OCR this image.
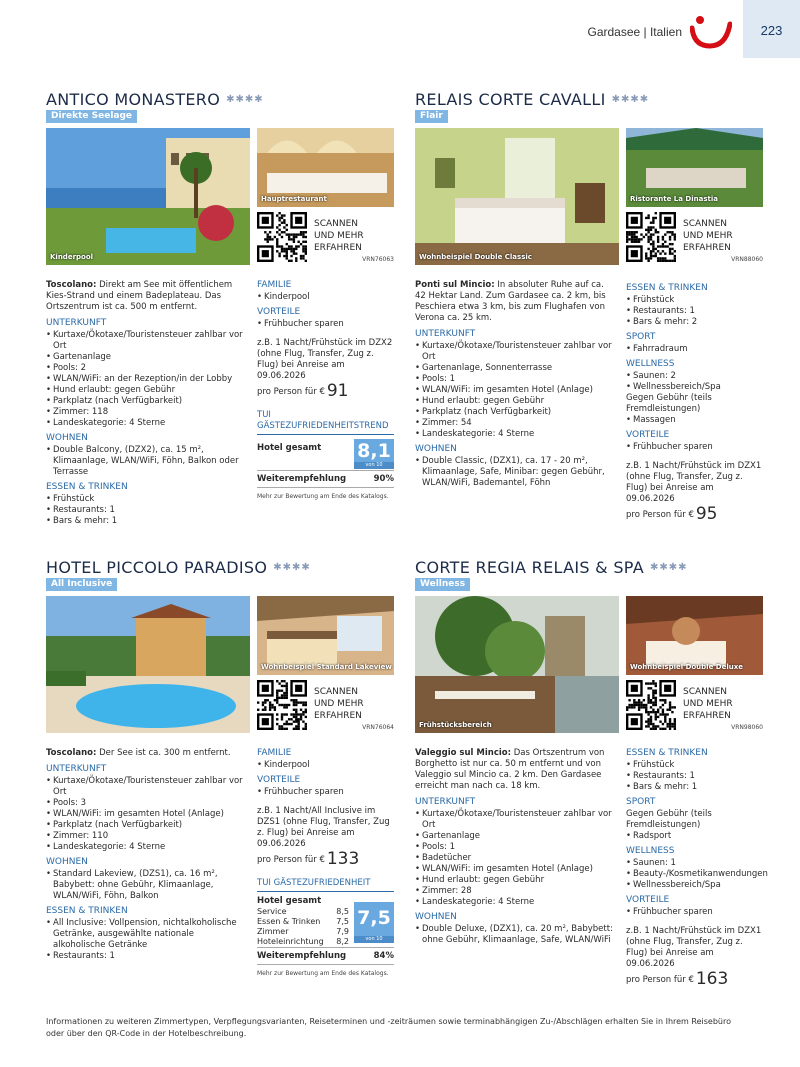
Gardasee | Italien	223
ANTICO MONASTERO ✱✱✱✱
Direkte Seelage
Kinderpool
Hauptrestaurant
SCANNEN
UND MEHR
ERFAHREN
VRN76063
Toscolano: Direkt am See mit öffentlichem Kies-Strand und einem Badeplateau. Das Ortszentrum ist ca. 500 m entfernt.
UNTERKUNFT
• Kurtaxe/Ökotaxe/Touristensteuer zahlbar vor Ort
• Gartenanlage
• Pools: 2
• WLAN/WiFi: an der Rezeption/in der Lobby
• Hund erlaubt: gegen Gebühr
• Parkplatz (nach Verfügbarkeit)
• Zimmer: 118
• Landeskategorie: 4 Sterne
WOHNEN
• Double Balcony, (DZX2), ca. 15 m², Klimaanlage, WLAN/WiFi, Föhn, Balkon oder Terrasse
ESSEN & TRINKEN
• Frühstück
• Restaurants: 1
• Bars & mehr: 1
FAMILIE
• Kinderpool
VORTEILE
• Frühbucher sparen
z.B. 1 Nacht/Frühstück im DZX2 (ohne Flug, Transfer, Zug z. Flug) bei Anreise am 09.06.2026
pro Person für € 91
TUI GÄSTEZUFRIEDENHEITSTREND
Hotel gesamt 8,1
von 10
Weiterempfehlung	90%
Mehr zur Bewertung am Ende des Katalogs.
RELAIS CORTE CAVALLI ✱✱✱✱
Flair
Wohnbeispiel Double Classic
Ristorante La Dinastia
SCANNEN
UND MEHR
ERFAHREN
VRN88060
Ponti sul Mincio: In absoluter Ruhe auf ca. 42 Hektar Land. Zum Gardasee ca. 2 km, bis Peschiera etwa 3 km, bis zum Flughafen von Verona ca. 25 km.
UNTERKUNFT
• Kurtaxe/Ökotaxe/Touristensteuer zahlbar vor Ort
• Gartenanlage, Sonnenterrasse
• Pools: 1
• WLAN/WiFi: im gesamten Hotel (Anlage)
• Hund erlaubt: gegen Gebühr
• Parkplatz (nach Verfügbarkeit)
• Zimmer: 54
• Landeskategorie: 4 Sterne
WOHNEN
• Double Classic, (DZX1), ca. 17 - 20 m², Klimaanlage, Safe, Minibar: gegen Gebühr, WLAN/WiFi, Bademantel, Föhn
ESSEN & TRINKEN
• Frühstück
• Restaurants: 1
• Bars & mehr: 2
SPORT
• Fahrradraum
WELLNESS
• Saunen: 2
• Wellnessbereich/Spa
Gegen Gebühr (teils Fremdleistungen)
• Massagen
VORTEILE
• Frühbucher sparen
z.B. 1 Nacht/Frühstück im DZX1 (ohne Flug, Transfer, Zug z. Flug) bei Anreise am 09.06.2026
pro Person für € 95
HOTEL PICCOLO PARADISO ✱✱✱✱
All Inclusive
Wohnbeispiel Standard Lakeview
SCANNEN
UND MEHR
ERFAHREN
VRN76064
Toscolano: Der See ist ca. 300 m entfernt.
UNTERKUNFT
• Kurtaxe/Ökotaxe/Touristensteuer zahlbar vor Ort
• Pools: 3
• WLAN/WiFi: im gesamten Hotel (Anlage)
• Parkplatz (nach Verfügbarkeit)
• Zimmer: 110
• Landeskategorie: 4 Sterne
WOHNEN
• Standard Lakeview, (DZS1), ca. 16 m², Babybett: ohne Gebühr, Klimaanlage, WLAN/WiFi, Föhn, Balkon
ESSEN & TRINKEN
• All Inclusive: Vollpension, nichtalkoholische Getränke, ausgewählte nationale alkoholische Getränke
• Restaurants: 1
FAMILIE
• Kinderpool
VORTEILE
• Frühbucher sparen
z.B. 1 Nacht/All Inclusive im DZS1 (ohne Flug, Transfer, Zug z. Flug) bei Anreise am 09.06.2026
pro Person für € 133
TUI GÄSTEZUFRIEDENHEIT
Hotel gesamt
Service	8,5
Essen & Trinken 7,5
Zimmer	7,9
Hoteleinrichtung 8,2
7,5
von 10
Weiterempfehlung	84%
Mehr zur Bewertung am Ende des Katalogs.
CORTE REGIA RELAIS & SPA ✱✱✱✱
Wellness
Frühstücksbereich
Wohnbeispiel Double Deluxe
SCANNEN
UND MEHR
ERFAHREN
VRN98060
Valeggio sul Mincio: Das Ortszentrum von Borghetto ist nur ca. 50 m entfernt und von Valeggio sul Mincio ca. 2 km. Den Gardasee erreicht man nach ca. 18 km.
UNTERKUNFT
• Kurtaxe/Ökotaxe/Touristensteuer zahlbar vor Ort
• Gartenanlage
• Pools: 1
• Badetücher
• WLAN/WiFi: im gesamten Hotel (Anlage)
• Hund erlaubt: gegen Gebühr
• Zimmer: 28
• Landeskategorie: 4 Sterne
WOHNEN
• Double Deluxe, (DZX1), ca. 20 m², Babybett: ohne Gebühr, Klimaanlage, Safe, WLAN/WiFi
ESSEN & TRINKEN
• Frühstück
• Restaurants: 1
• Bars & mehr: 1
SPORT
Gegen Gebühr (teils Fremdleistungen)
• Radsport
WELLNESS
• Saunen: 1
• Beauty-/Kosmetikanwendungen
• Wellnessbereich/Spa
VORTEILE
• Frühbucher sparen
z.B. 1 Nacht/Frühstück im DZX1 (ohne Flug, Transfer, Zug z. Flug) bei Anreise am 09.06.2026
pro Person für € 163
Informationen zu weiteren Zimmertypen, Verpflegungsvarianten, Reiseterminen und -zeiträumen sowie terminabhängigen Zu-/Abschlägen erhalten Sie in Ihrem Reisebüro oder über den QR-Code in der Hotelbeschreibung.
